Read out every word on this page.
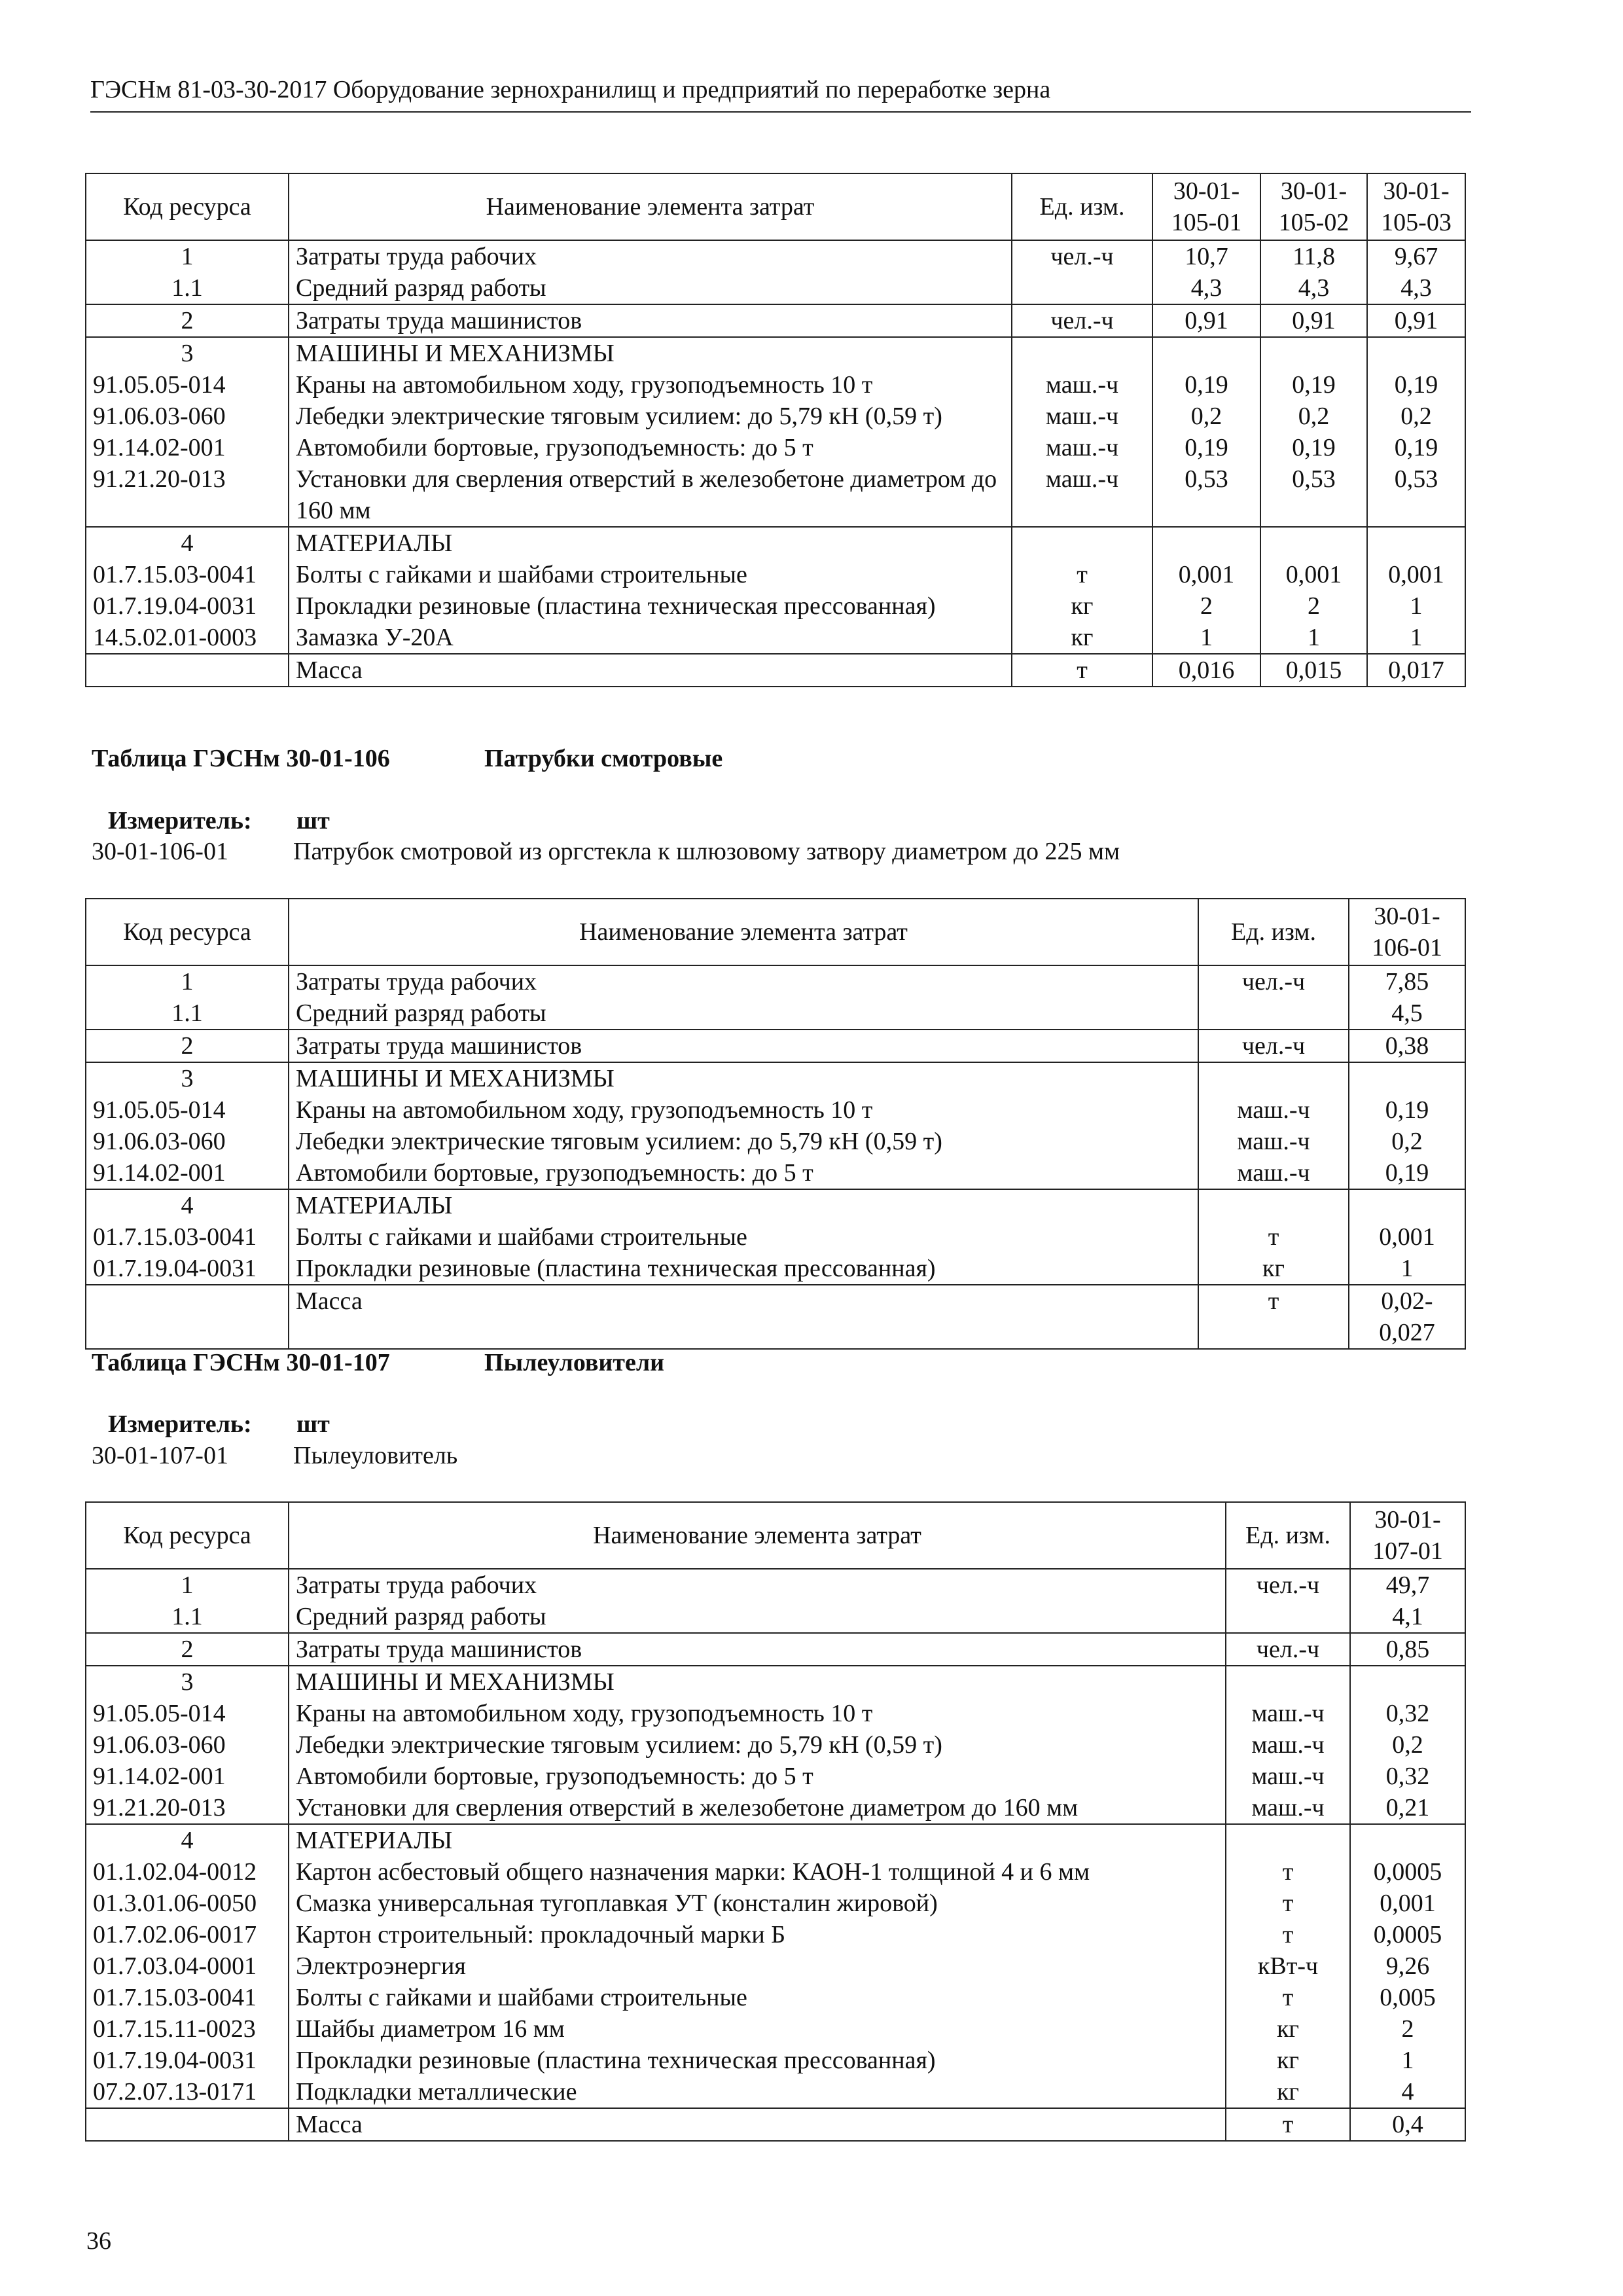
ГЭСНм 81-03-30-2017 Оборудование зернохранилищ и предприятий по переработке зерна
Код ресурса	Наименование элемента затрат	Ед. изм.	30-01-105-01	30-01-105-02	30-01-105-03
1	Затраты труда рабочих	чел.-ч	10,7	11,8	9,67
1.1	Средний разряд работы		4,3	4,3	4,3
2	Затраты труда машинистов	чел.-ч	0,91	0,91	0,91
3	МАШИНЫ И МЕХАНИЗМЫ				
91.05.05-014	Краны на автомобильном ходу, грузоподъемность 10 т	маш.-ч	0,19	0,19	0,19
91.06.03-060	Лебедки электрические тяговым усилием: до 5,79 кН (0,59 т)	маш.-ч	0,2	0,2	0,2
91.14.02-001	Автомобили бортовые, грузоподъемность: до 5 т	маш.-ч	0,19	0,19	0,19
91.21.20-013	Установки для сверления отверстий в железобетоне диаметром до 160 мм	маш.-ч	0,53	0,53	0,53
4	МАТЕРИАЛЫ				
01.7.15.03-0041	Болты с гайками и шайбами строительные	т	0,001	0,001	0,001
01.7.19.04-0031	Прокладки резиновые (пластина техническая прессованная)	кг	2	2	1
14.5.02.01-0003	Замазка У-20А	кг	1	1	1
	Масса	т	0,016	0,015	0,017
Таблица ГЭСНм 30-01-106	Патрубки смотровые
Измеритель: шт
30-01-106-01	Патрубок смотровой из оргстекла к шлюзовому затвору диаметром до 225 мм
Код ресурса	Наименование элемента затрат	Ед. изм.	30-01-106-01
1	Затраты труда рабочих	чел.-ч	7,85
1.1	Средний разряд работы		4,5
2	Затраты труда машинистов	чел.-ч	0,38
3	МАШИНЫ И МЕХАНИЗМЫ		
91.05.05-014	Краны на автомобильном ходу, грузоподъемность 10 т	маш.-ч	0,19
91.06.03-060	Лебедки электрические тяговым усилием: до 5,79 кН (0,59 т)	маш.-ч	0,2
91.14.02-001	Автомобили бортовые, грузоподъемность: до 5 т	маш.-ч	0,19
4	МАТЕРИАЛЫ		
01.7.15.03-0041	Болты с гайками и шайбами строительные	т	0,001
01.7.19.04-0031	Прокладки резиновые (пластина техническая прессованная)	кг	1
	Масса	т	0,02-0,027
Таблица ГЭСНм 30-01-107	Пылеуловители
Измеритель: шт
30-01-107-01	Пылеуловитель
Код ресурса	Наименование элемента затрат	Ед. изм.	30-01-107-01
1	Затраты труда рабочих	чел.-ч	49,7
1.1	Средний разряд работы		4,1
2	Затраты труда машинистов	чел.-ч	0,85
3	МАШИНЫ И МЕХАНИЗМЫ		
91.05.05-014	Краны на автомобильном ходу, грузоподъемность 10 т	маш.-ч	0,32
91.06.03-060	Лебедки электрические тяговым усилием: до 5,79 кН (0,59 т)	маш.-ч	0,2
91.14.02-001	Автомобили бортовые, грузоподъемность: до 5 т	маш.-ч	0,32
91.21.20-013	Установки для сверления отверстий в железобетоне диаметром до 160 мм	маш.-ч	0,21
4	МАТЕРИАЛЫ		
01.1.02.04-0012	Картон асбестовый общего назначения марки: КАОН-1 толщиной 4 и 6 мм	т	0,0005
01.3.01.06-0050	Смазка универсальная тугоплавкая УТ (консталин жировой)	т	0,001
01.7.02.06-0017	Картон строительный: прокладочный марки Б	т	0,0005
01.7.03.04-0001	Электроэнергия	кВт-ч	9,26
01.7.15.03-0041	Болты с гайками и шайбами строительные	т	0,005
01.7.15.11-0023	Шайбы диаметром 16 мм	кг	2
01.7.19.04-0031	Прокладки резиновые (пластина техническая прессованная)	кг	1
07.2.07.13-0171	Подкладки металлические	кг	4
	Масса	т	0,4
36
